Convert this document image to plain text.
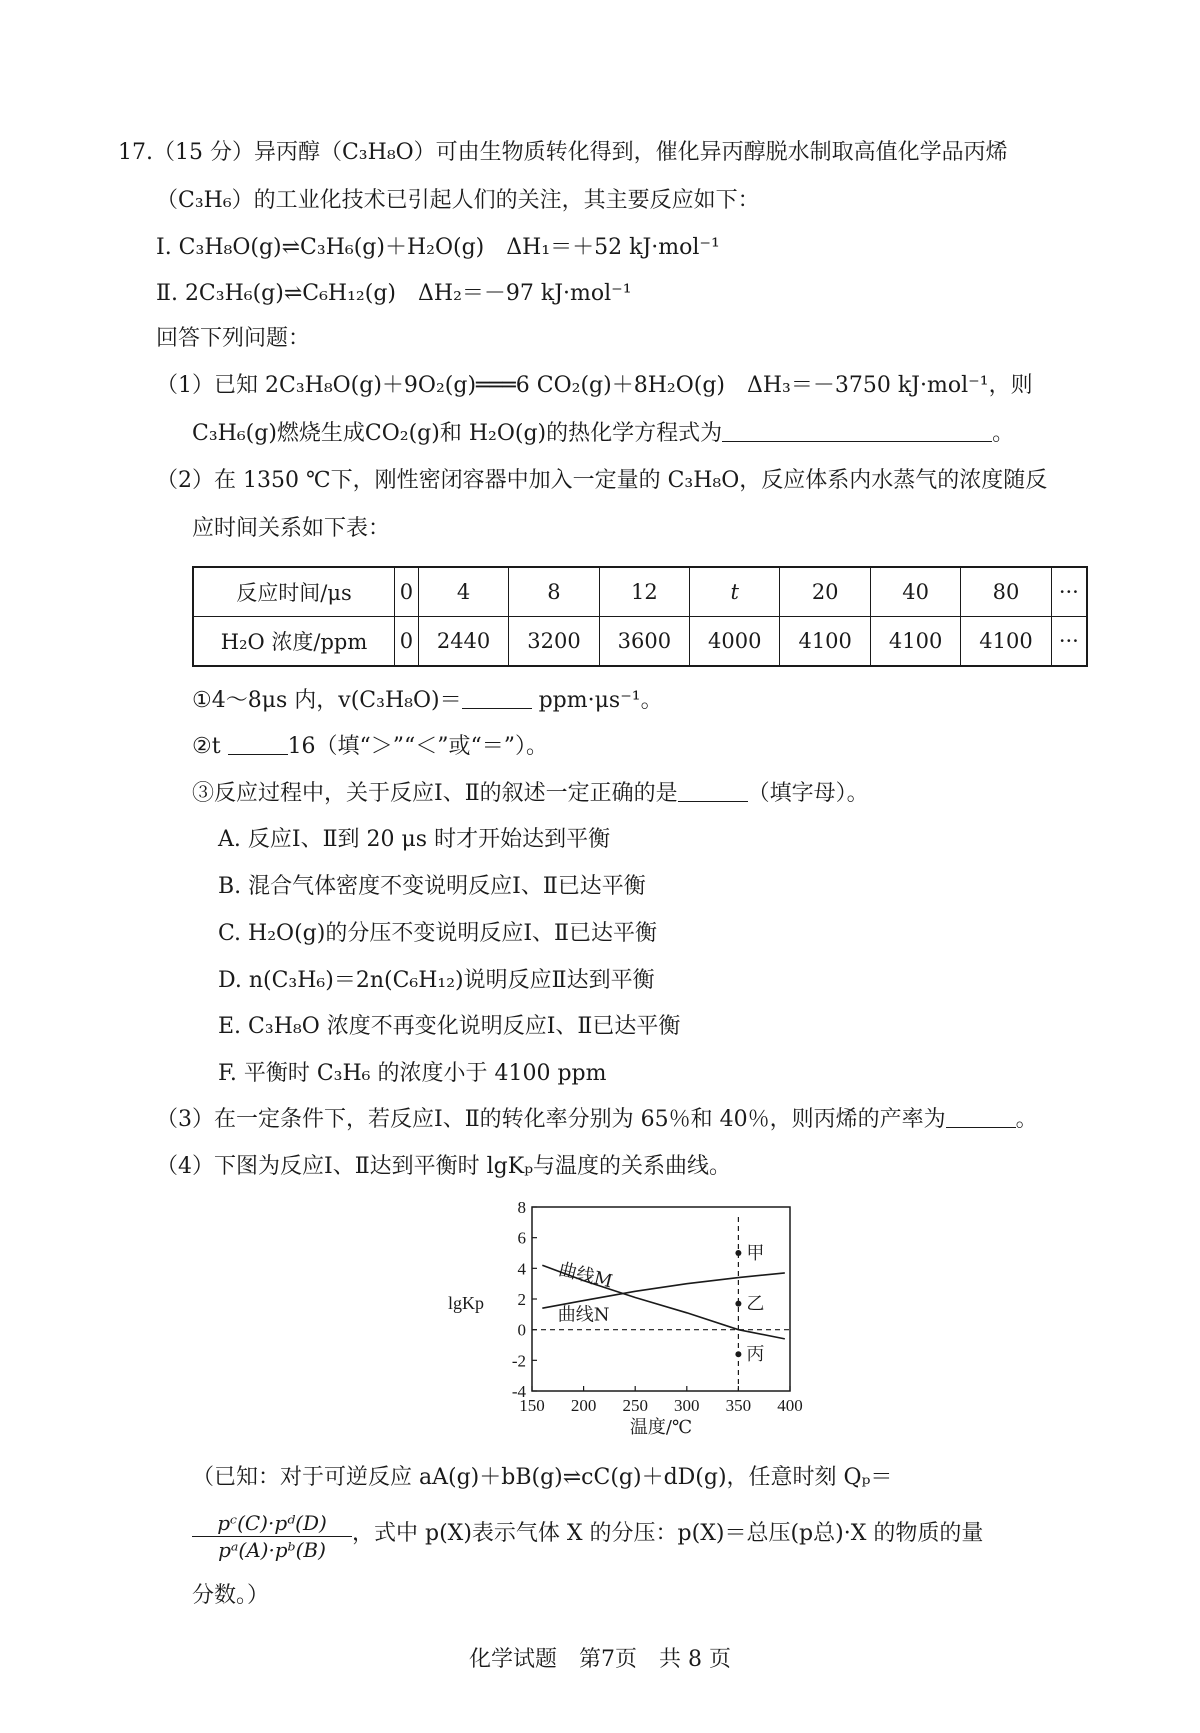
17.（15 分）异丙醇（C₃H₈O）可由生物质转化得到，催化异丙醇脱水制取高值化学品丙烯
（C₃H₆）的工业化技术已引起人们的关注，其主要反应如下：
Ⅰ. C₃H₈O(g)⇌C₃H₆(g)＋H₂O(g)　ΔH₁＝＋52 kJ·mol⁻¹
Ⅱ. 2C₃H₆(g)⇌C₆H₁₂(g)　ΔH₂＝－97 kJ·mol⁻¹
回答下列问题：
（1）已知 2C₃H₈O(g)＋9O₂(g)═══6 CO₂(g)＋8H₂O(g)　ΔH₃＝－3750 kJ·mol⁻¹，则
C₃H₆(g)燃烧生成CO₂(g)和 H₂O(g)的热化学方程式为	。
（2）在 1350 ℃下，刚性密闭容器中加入一定量的 C₃H₈O，反应体系内水蒸气的浓度随反
应时间关系如下表：
反应时间/μs	0	4	8	12	t	20	40	80	···
H₂O 浓度/ppm	0	2440	3200	3600	4000	4100	4100	4100	···
①4～8μs 内，v(C₃H₈O)＝	ppm·μs⁻¹。
②t	16（填“＞”“＜”或“＝”）。
③反应过程中，关于反应Ⅰ、Ⅱ的叙述一定正确的是	（填字母）。
A. 反应Ⅰ、Ⅱ到 20 μs 时才开始达到平衡
B. 混合气体密度不变说明反应Ⅰ、Ⅱ已达平衡
C. H₂O(g)的分压不变说明反应Ⅰ、Ⅱ已达平衡
D. n(C₃H₆)＝2n(C₆H₁₂)说明反应Ⅱ达到平衡
E. C₃H₈O 浓度不再变化说明反应Ⅰ、Ⅱ已达平衡
F. 平衡时 C₃H₆ 的浓度小于 4100 ppm
（3）在一定条件下，若反应Ⅰ、Ⅱ的转化率分别为 65％和 40％，则丙烯的产率为	。
（4）下图为反应Ⅰ、Ⅱ达到平衡时 lgKₚ与温度的关系曲线。
-4
-2
0
2
4
6
8
150 200 250 300 350 400
温度/℃
lgKp
曲线M
曲线N
甲
乙
丙
（已知：对于可逆反应 aA(g)＋bB(g)⇌cC(g)＋dD(g)，任意时刻 Qₚ＝
$\frac{\text{pᶜ(C)·pᵈ(D)}}{\text{pᵃ(A)·pᵇ(B)}}$ ，式中 p(X)表示气体 X 的分压：p(X)＝总压(p总)·X 的物质的量
分数。）
化学试题　第7页　共 8 页
